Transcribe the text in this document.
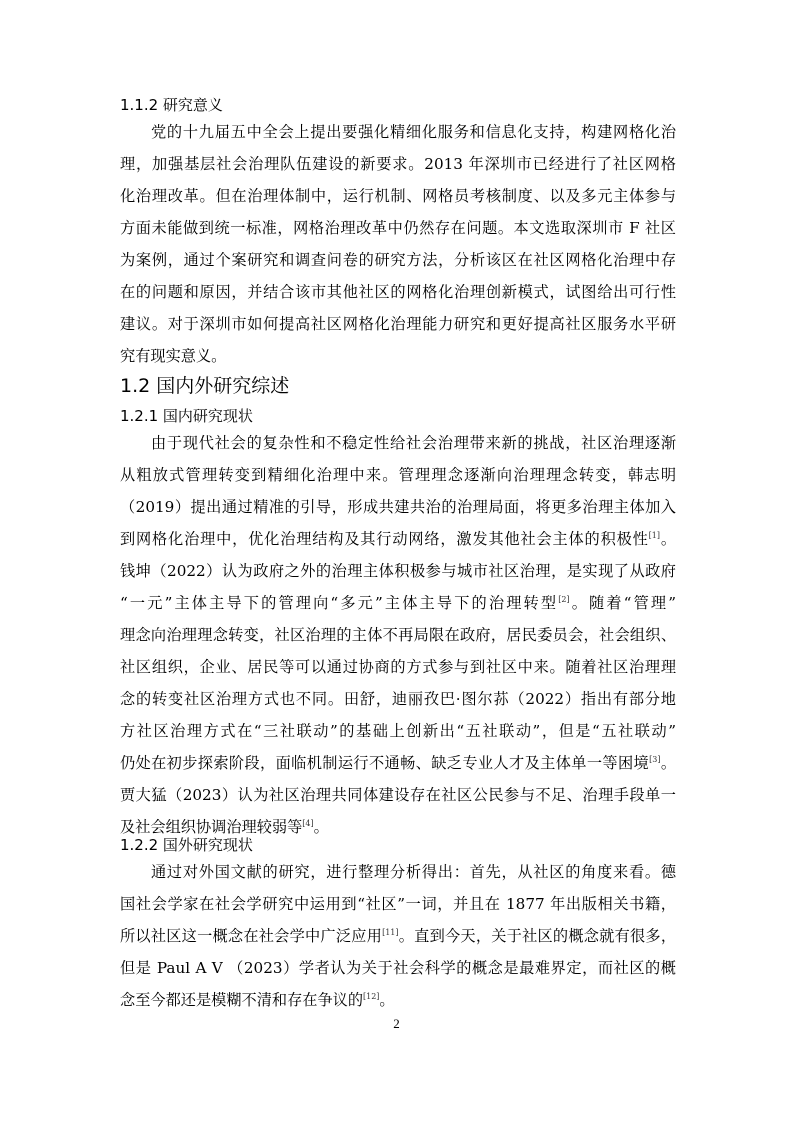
1.1.2 研究意义
党的十九届五中全会上提出要强化精细化服务和信息化支持，构建网格化治
理，加强基层社会治理队伍建设的新要求。2013 年深圳市已经进行了社区网格
化治理改革。但在治理体制中，运行机制、网格员考核制度、以及多元主体参与
方面未能做到统一标准，网格治理改革中仍然存在问题。本文选取深圳市 F 社区
为案例，通过个案研究和调查问卷的研究方法，分析该区在社区网格化治理中存
在的问题和原因，并结合该市其他社区的网格化治理创新模式，试图给出可行性
建议。对于深圳市如何提高社区网格化治理能力研究和更好提高社区服务水平研
究有现实意义。
1.2 国内外研究综述
1.2.1 国内研究现状
由于现代社会的复杂性和不稳定性给社会治理带来新的挑战，社区治理逐渐
从粗放式管理转变到精细化治理中来。管理理念逐渐向治理理念转变，韩志明
（2019）提出通过精准的引导，形成共建共治的治理局面，将更多治理主体加入
到网格化治理中，优化治理结构及其行动网络，激发其他社会主体的积极性[1]。
钱坤（2022）认为政府之外的治理主体积极参与城市社区治理，是实现了从政府
“一元”主体主导下的管理向“多元”主体主导下的治理转型[2]。随着“管理”
理念向治理理念转变，社区治理的主体不再局限在政府，居民委员会，社会组织、
社区组织，企业、居民等可以通过协商的方式参与到社区中来。随着社区治理理
念的转变社区治理方式也不同。田舒，迪丽孜巴·图尔荪（2022）指出有部分地
方社区治理方式在“三社联动”的基础上创新出“五社联动”，但是“五社联动”
仍处在初步探索阶段，面临机制运行不通畅、缺乏专业人才及主体单一等困境[3]。
贾大猛（2023）认为社区治理共同体建设存在社区公民参与不足、治理手段单一
及社会组织协调治理较弱等[4]。
1.2.2 国外研究现状
通过对外国文献的研究，进行整理分析得出：首先，从社区的角度来看。德
国社会学家在社会学研究中运用到“社区”一词，并且在 1877 年出版相关书籍，
所以社区这一概念在社会学中广泛应用[11]。直到今天，关于社区的概念就有很多，
但是 Paul A V （2023）学者认为关于社会科学的概念是最难界定，而社区的概
念至今都还是模糊不清和存在争议的[12]。
2
